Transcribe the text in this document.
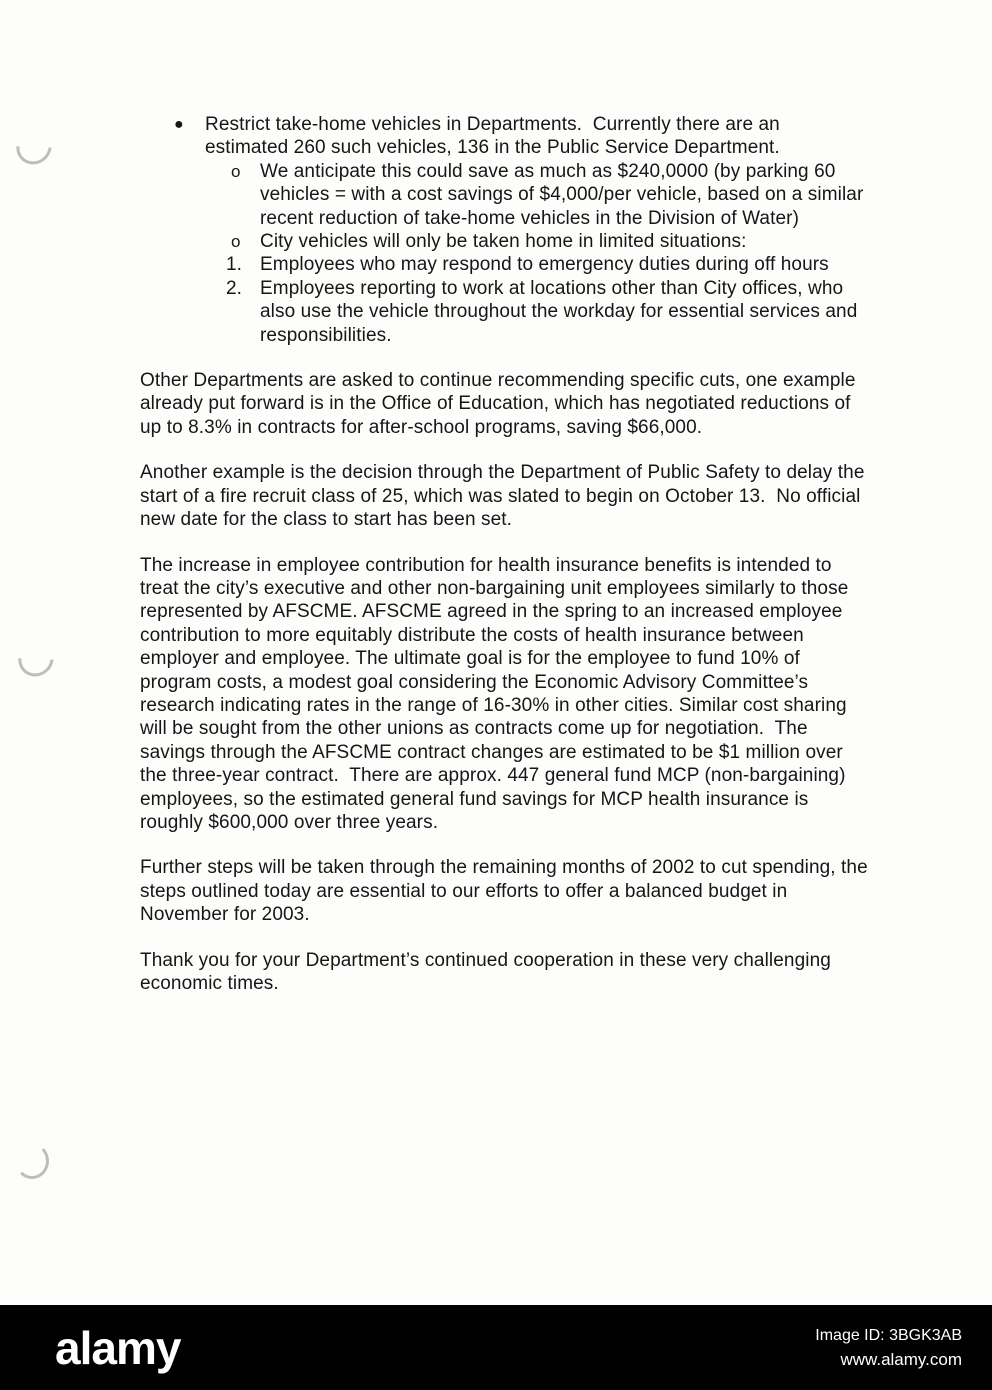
● Restrict take-home vehicles in Departments.  Currently there are an estimated 260 such vehicles, 136 in the Public Service Department.
o We anticipate this could save as much as $240,0000 (by parking 60 vehicles = with a cost savings of $4,000/per vehicle, based on a similar recent reduction of take-home vehicles in the Division of Water)
o City vehicles will only be taken home in limited situations:
1. Employees who may respond to emergency duties during off hours
2. Employees reporting to work at locations other than City offices, who also use the vehicle throughout the workday for essential services and responsibilities.

Other Departments are asked to continue recommending specific cuts, one example already put forward is in the Office of Education, which has negotiated reductions of up to 8.3% in contracts for after-school programs, saving $66,000.

Another example is the decision through the Department of Public Safety to delay the start of a fire recruit class of 25, which was slated to begin on October 13.  No official new date for the class to start has been set.

The increase in employee contribution for health insurance benefits is intended to treat the city’s executive and other non-bargaining unit employees similarly to those represented by AFSCME. AFSCME agreed in the spring to an increased employee contribution to more equitably distribute the costs of health insurance between employer and employee. The ultimate goal is for the employee to fund 10% of program costs, a modest goal considering the Economic Advisory Committee’s research indicating rates in the range of 16-30% in other cities. Similar cost sharing will be sought from the other unions as contracts come up for negotiation.  The savings through the AFSCME contract changes are estimated to be $1 million over the three-year contract.  There are approx. 447 general fund MCP (non-bargaining) employees, so the estimated general fund savings for MCP health insurance is roughly $600,000 over three years.

Further steps will be taken through the remaining months of 2002 to cut spending, the steps outlined today are essential to our efforts to offer a balanced budget in November for 2003.

Thank you for your Department’s continued cooperation in these very challenging economic times.

alamy	Image ID: 3BGK3AB
www.alamy.com
